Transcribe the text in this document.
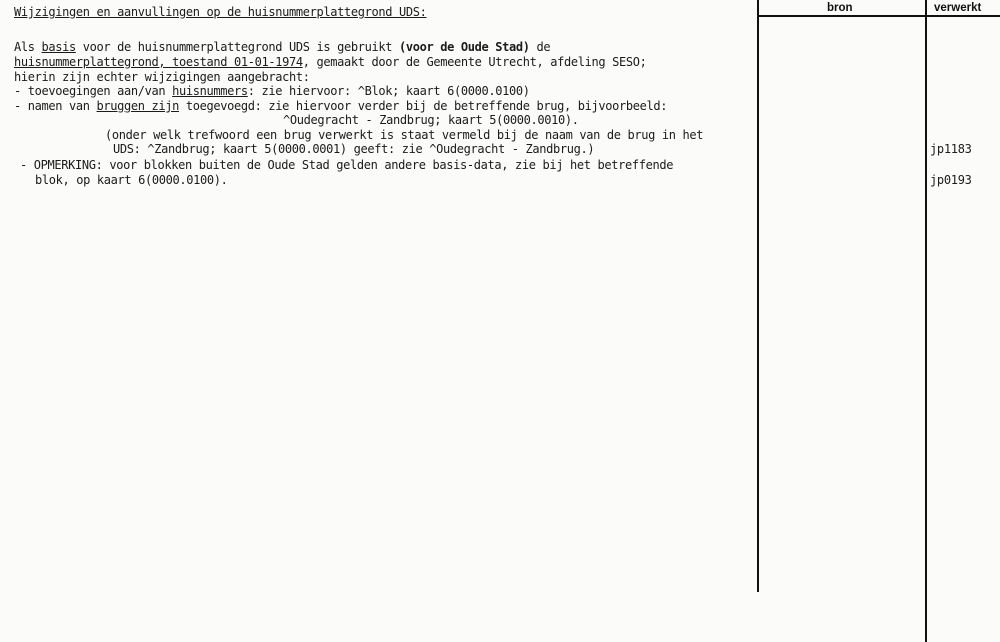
bron	verwerkt
Wijzigingen en aanvullingen op de huisnummerplattegrond UDS:
Als basis voor de huisnummerplattegrond UDS is gebruikt (voor de Oude Stad) de
huisnummerplattegrond, toestand 01-01-1974, gemaakt door de Gemeente Utrecht, afdeling SESO;
hierin zijn echter wijzigingen aangebracht:
- toevoegingen aan/van huisnummers: zie hiervoor: ^Blok; kaart 6(0000.0100)
- namen van bruggen zijn toegevoegd: zie hiervoor verder bij de betreffende brug, bijvoorbeeld:
^Oudegracht - Zandbrug; kaart 5(0000.0010).
(onder welk trefwoord een brug verwerkt is staat vermeld bij de naam van de brug in het
UDS: ^Zandbrug; kaart 5(0000.0001) geeft: zie ^Oudegracht - Zandbrug.)
- OPMERKING: voor blokken buiten de Oude Stad gelden andere basis-data, zie bij het betreffende
blok, op kaart 6(0000.0100).
jp1183
jp0193
